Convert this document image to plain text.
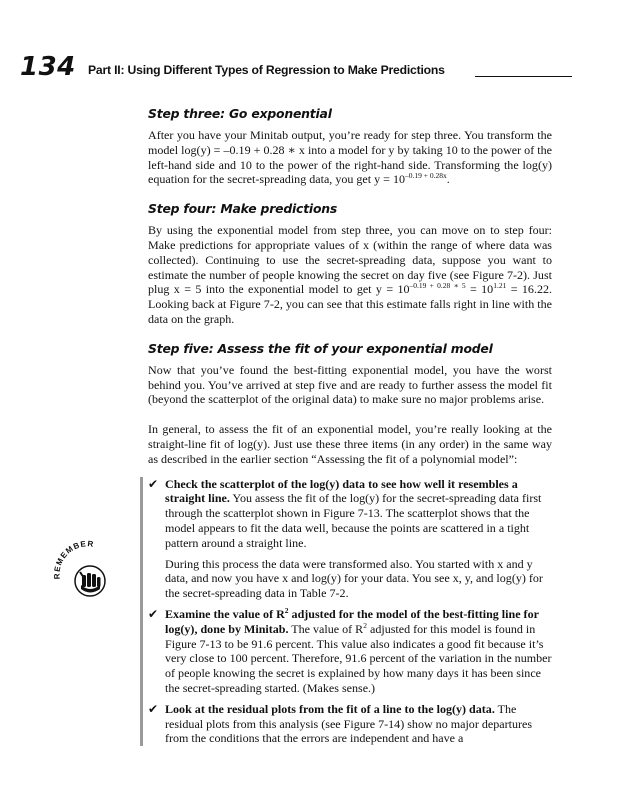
134 Part II: Using Different Types of Regression to Make Predictions
Step three: Go exponential

After you have your Minitab output, you’re ready for step three. You transform the model log(y) = –0.19 + 0.28 ∗ x into a model for y by taking 10 to the power of the left-hand side and 10 to the power of the right-hand side. Transforming the log(y) equation for the secret-spreading data, you get $y = 10^{-0.19 + 0.28x}$.

Step four: Make predictions

By using the exponential model from step three, you can move on to step four: Make predictions for appropriate values of x (within the range of where data was collected). Continuing to use the secret-spreading data, suppose you want to estimate the number of people knowing the secret on day five (see Figure 7-2). Just plug x = 5 into the exponential model to get $y = 10^{-0.19 + 0.28 ∗ 5} = 10^{1.21} = 16.22$. Looking back at Figure 7-2, you can see that this estimate falls right in line with the data on the graph.

Step five: Assess the fit of your exponential model

Now that you’ve found the best-fitting exponential model, you have the worst behind you. You’ve arrived at step five and are ready to further assess the model fit (beyond the scatterplot of the original data) to make sure no major problems arise.

In general, to assess the fit of an exponential model, you’re really looking at the straight-line fit of log(y). Just use these three items (in any order) in the same way as described in the earlier section “Assessing the fit of a polynomial model”:

REMEMBER
✔ Check the scatterplot of the log(y) data to see how well it resembles a straight line. You assess the fit of the log(y) for the secret-spreading data first through the scatterplot shown in Figure 7-13. The scatterplot shows that the model appears to fit the data well, because the points are scattered in a tight pattern around a straight line.

During this process the data were transformed also. You started with x and y data, and now you have x and log(y) for your data. You see x, y, and log(y) for the secret-spreading data in Table 7-2.

✔ Examine the value of $R^2$ adjusted for the model of the best-fitting line for log(y), done by Minitab. The value of $R^2$ adjusted for this model is found in Figure 7-13 to be 91.6 percent. This value also indicates a good fit because it’s very close to 100 percent. Therefore, 91.6 percent of the variation in the number of people knowing the secret is explained by how many days it has been since the secret-spreading started. (Makes sense.)

✔ Look at the residual plots from the fit of a line to the log(y) data. The residual plots from this analysis (see Figure 7-14) show no major departures from the conditions that the errors are independent and have a
